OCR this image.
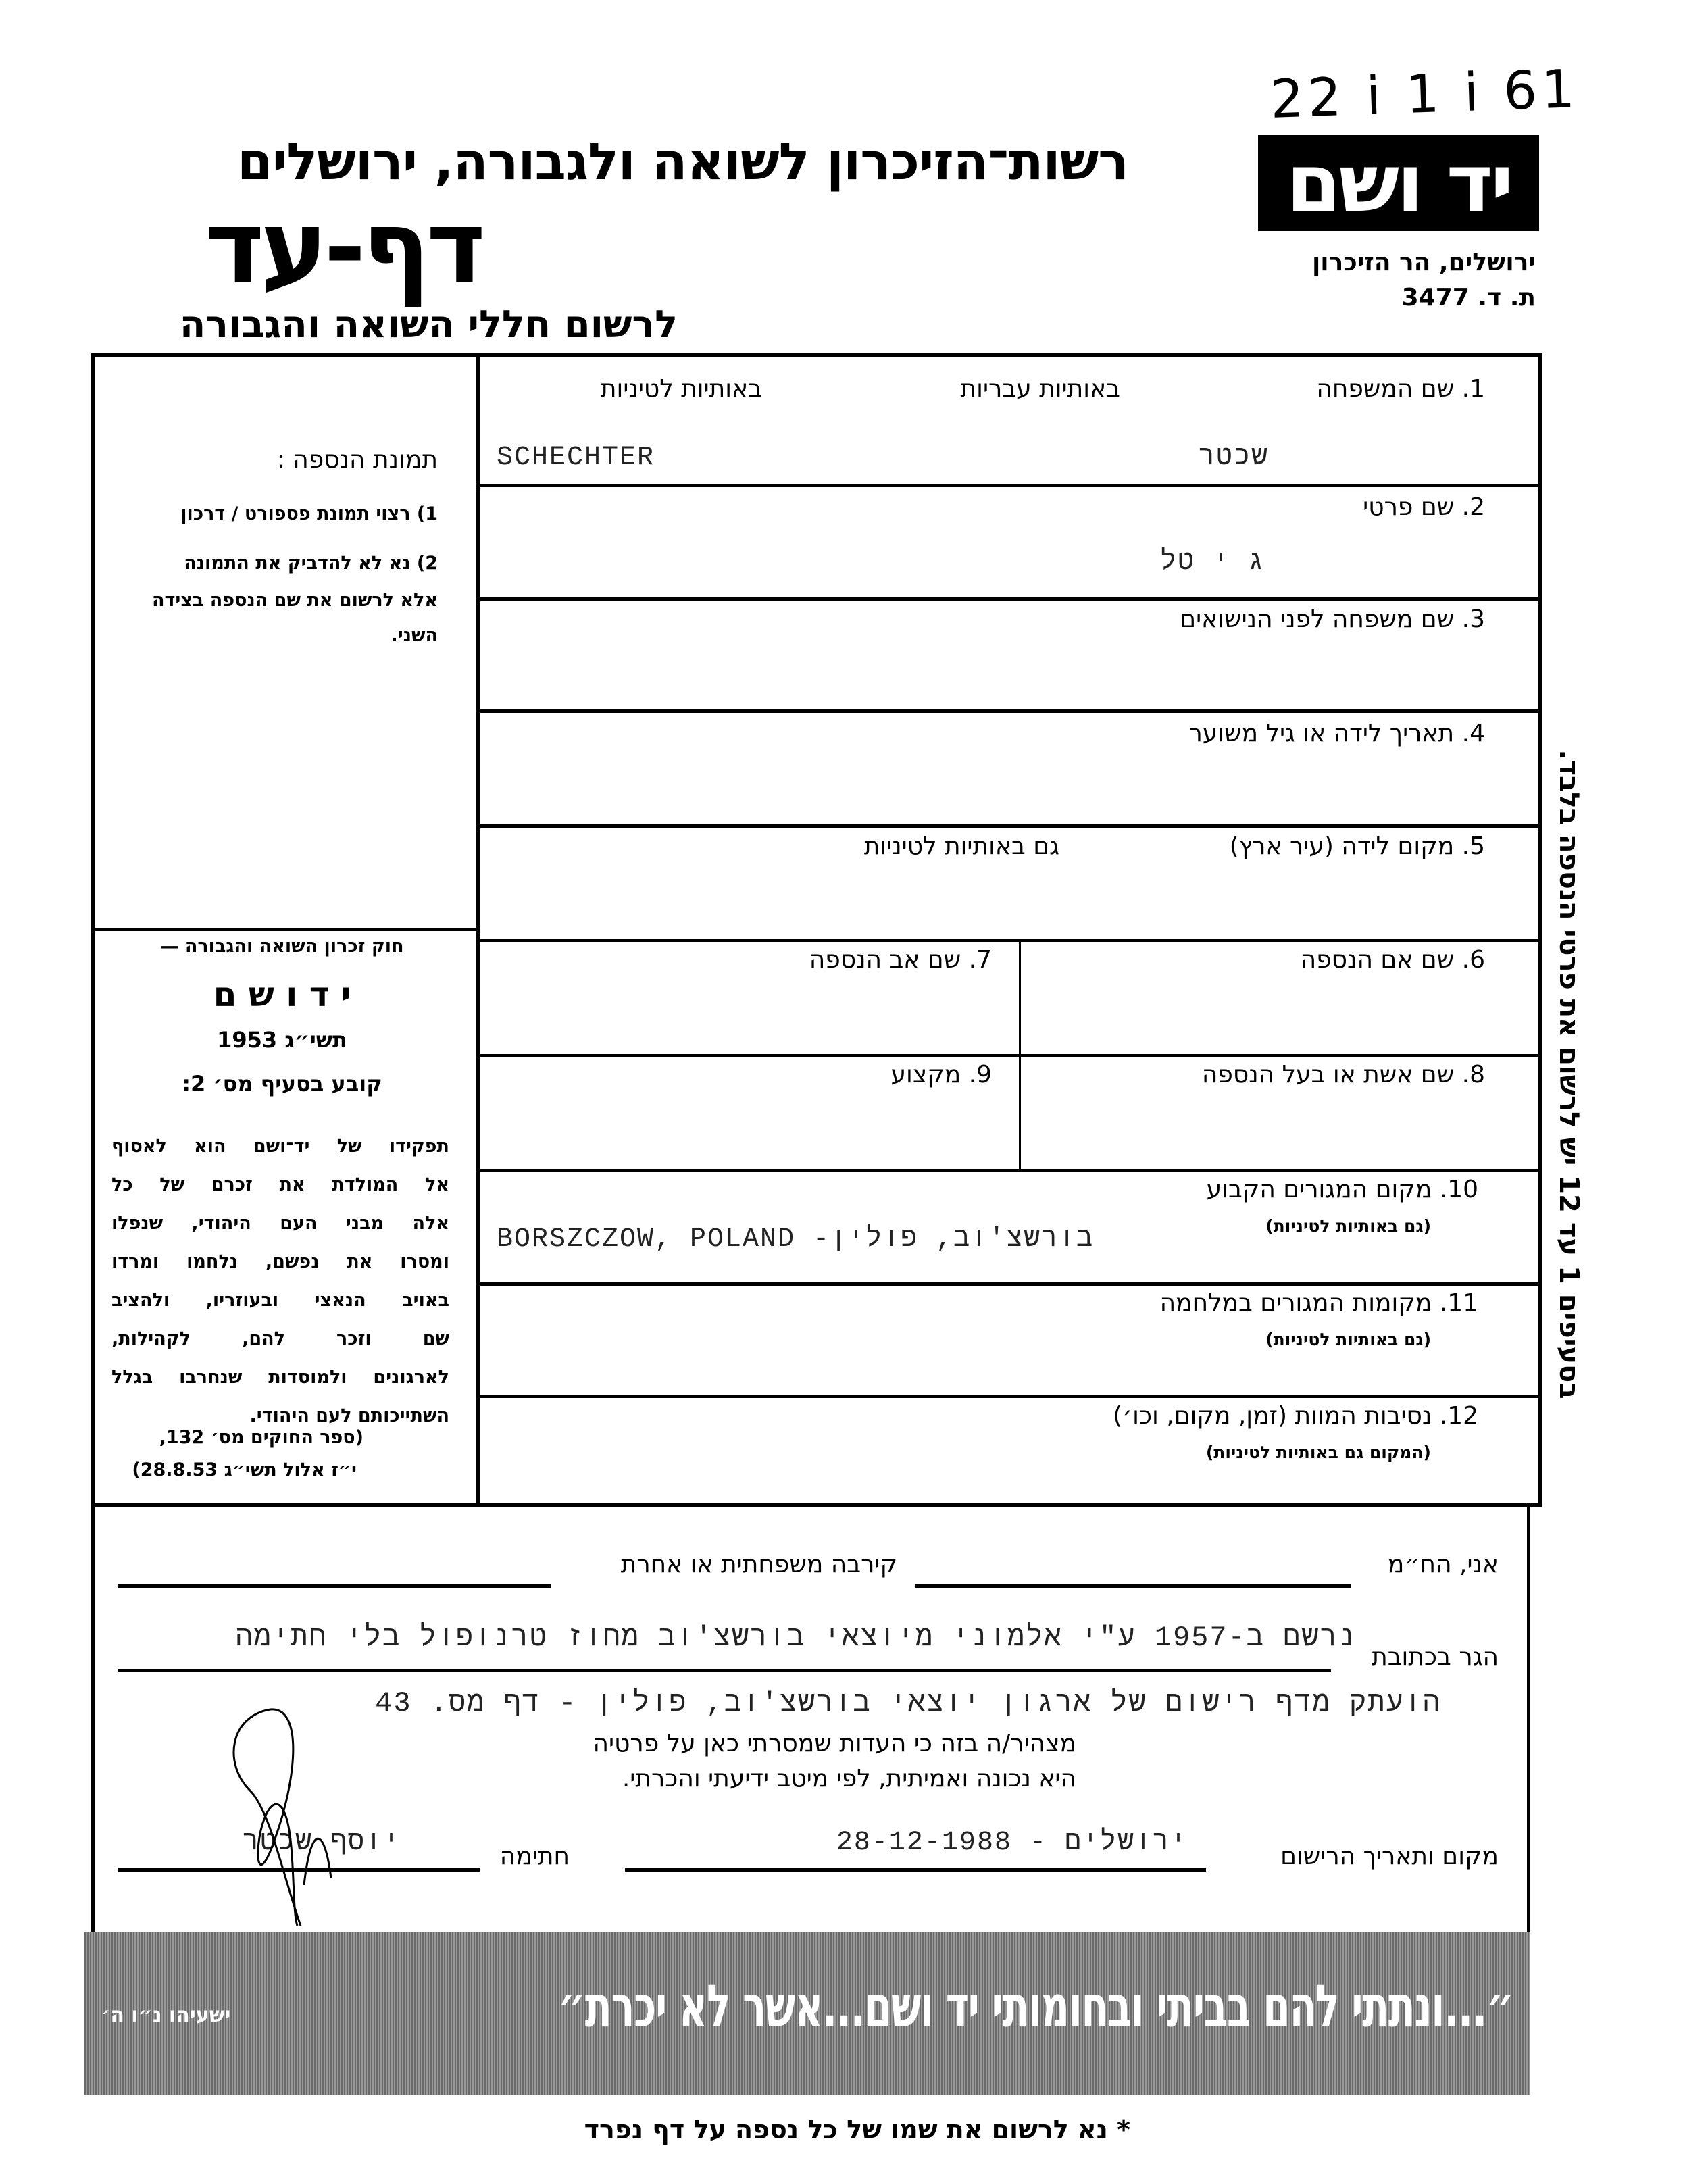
22 i 1 i 61
יד ושם
רשות־הזיכרון לשואה ולגבורה, ירושלים
דף-עד
לרשום חללי השואה והגבורה
ירושלים, הר הזיכרון
ת. ד. 3477
תמונת הנספה :
1) רצוי תמונת פספורט / דרכון
2) נא לא להדביק את התמונה
אלא לרשום את שם הנספה בצידה
השני.
חוק זכרון השואה והגבורה —
י ד ו ש ם
תשי״ג 1953
קובע בסעיף מס׳ 2:
תפקידו של יד־ושם הוא לאסוף
אל המולדת את זכרם של כל
אלה מבני העם היהודי, שנפלו
ומסרו את נפשם, נלחמו ומרדו
באויב הנאצי ובעוזריו, ולהציב
שם וזכר להם, לקהילות,
לארגונים ולמוסדות שנחרבו בגלל
השתייכותם לעם היהודי.
(ספר החוקים מס׳ 132,
י״ז אלול תשי״ג 28.8.53)
1. שם המשפחה
באותיות עבריות
באותיות לטיניות
שכטר
SCHECHTER
2. שם פרטי
ג י טל
3. שם משפחה לפני הנישואים
4. תאריך לידה או גיל משוער
5. מקום לידה (עיר ארץ)
גם באותיות לטיניות
6. שם אם הנספה
7. שם אב הנספה
8. שם אשת או בעל הנספה
9. מקצוע
10. מקום המגורים הקבוע
(גם באותיות לטיניות)
BORSZCZOW, POLAND -בורשצ'וב, פולין
11. מקומות המגורים במלחמה
(גם באותיות לטיניות)
12. נסיבות המוות (זמן, מקום, וכו׳)
(המקום גם באותיות לטיניות)
בסעיפים 1 עד 12 יש לרשום את פרטי הנספה בלבד.
אני, הח״מ
קירבה משפחתית או אחרת
הגר בכתובת
נרשם ב-1957 ע"י אלמוני מיוצאי בורשצ'וב מחוז טרנופול בלי חתימה
הועתק מדף רישום של ארגון יוצאי בורשצ'וב, פולין - דף מס. 43
מצהיר/ה בזה כי העדות שמסרתי כאן על פרטיה
היא נכונה ואמיתית, לפי מיטב ידיעתי והכרתי.
מקום ותאריך הרישום
ירושלים - 28-12-1988
חתימה
יוסף שכטר
״...ונתתי להם בביתי ובחומותי יד ושם...אשר לא יכרת״
ישעיהו נ״ו ה׳
* נא לרשום את שמו של כל נספה על דף נפרד
